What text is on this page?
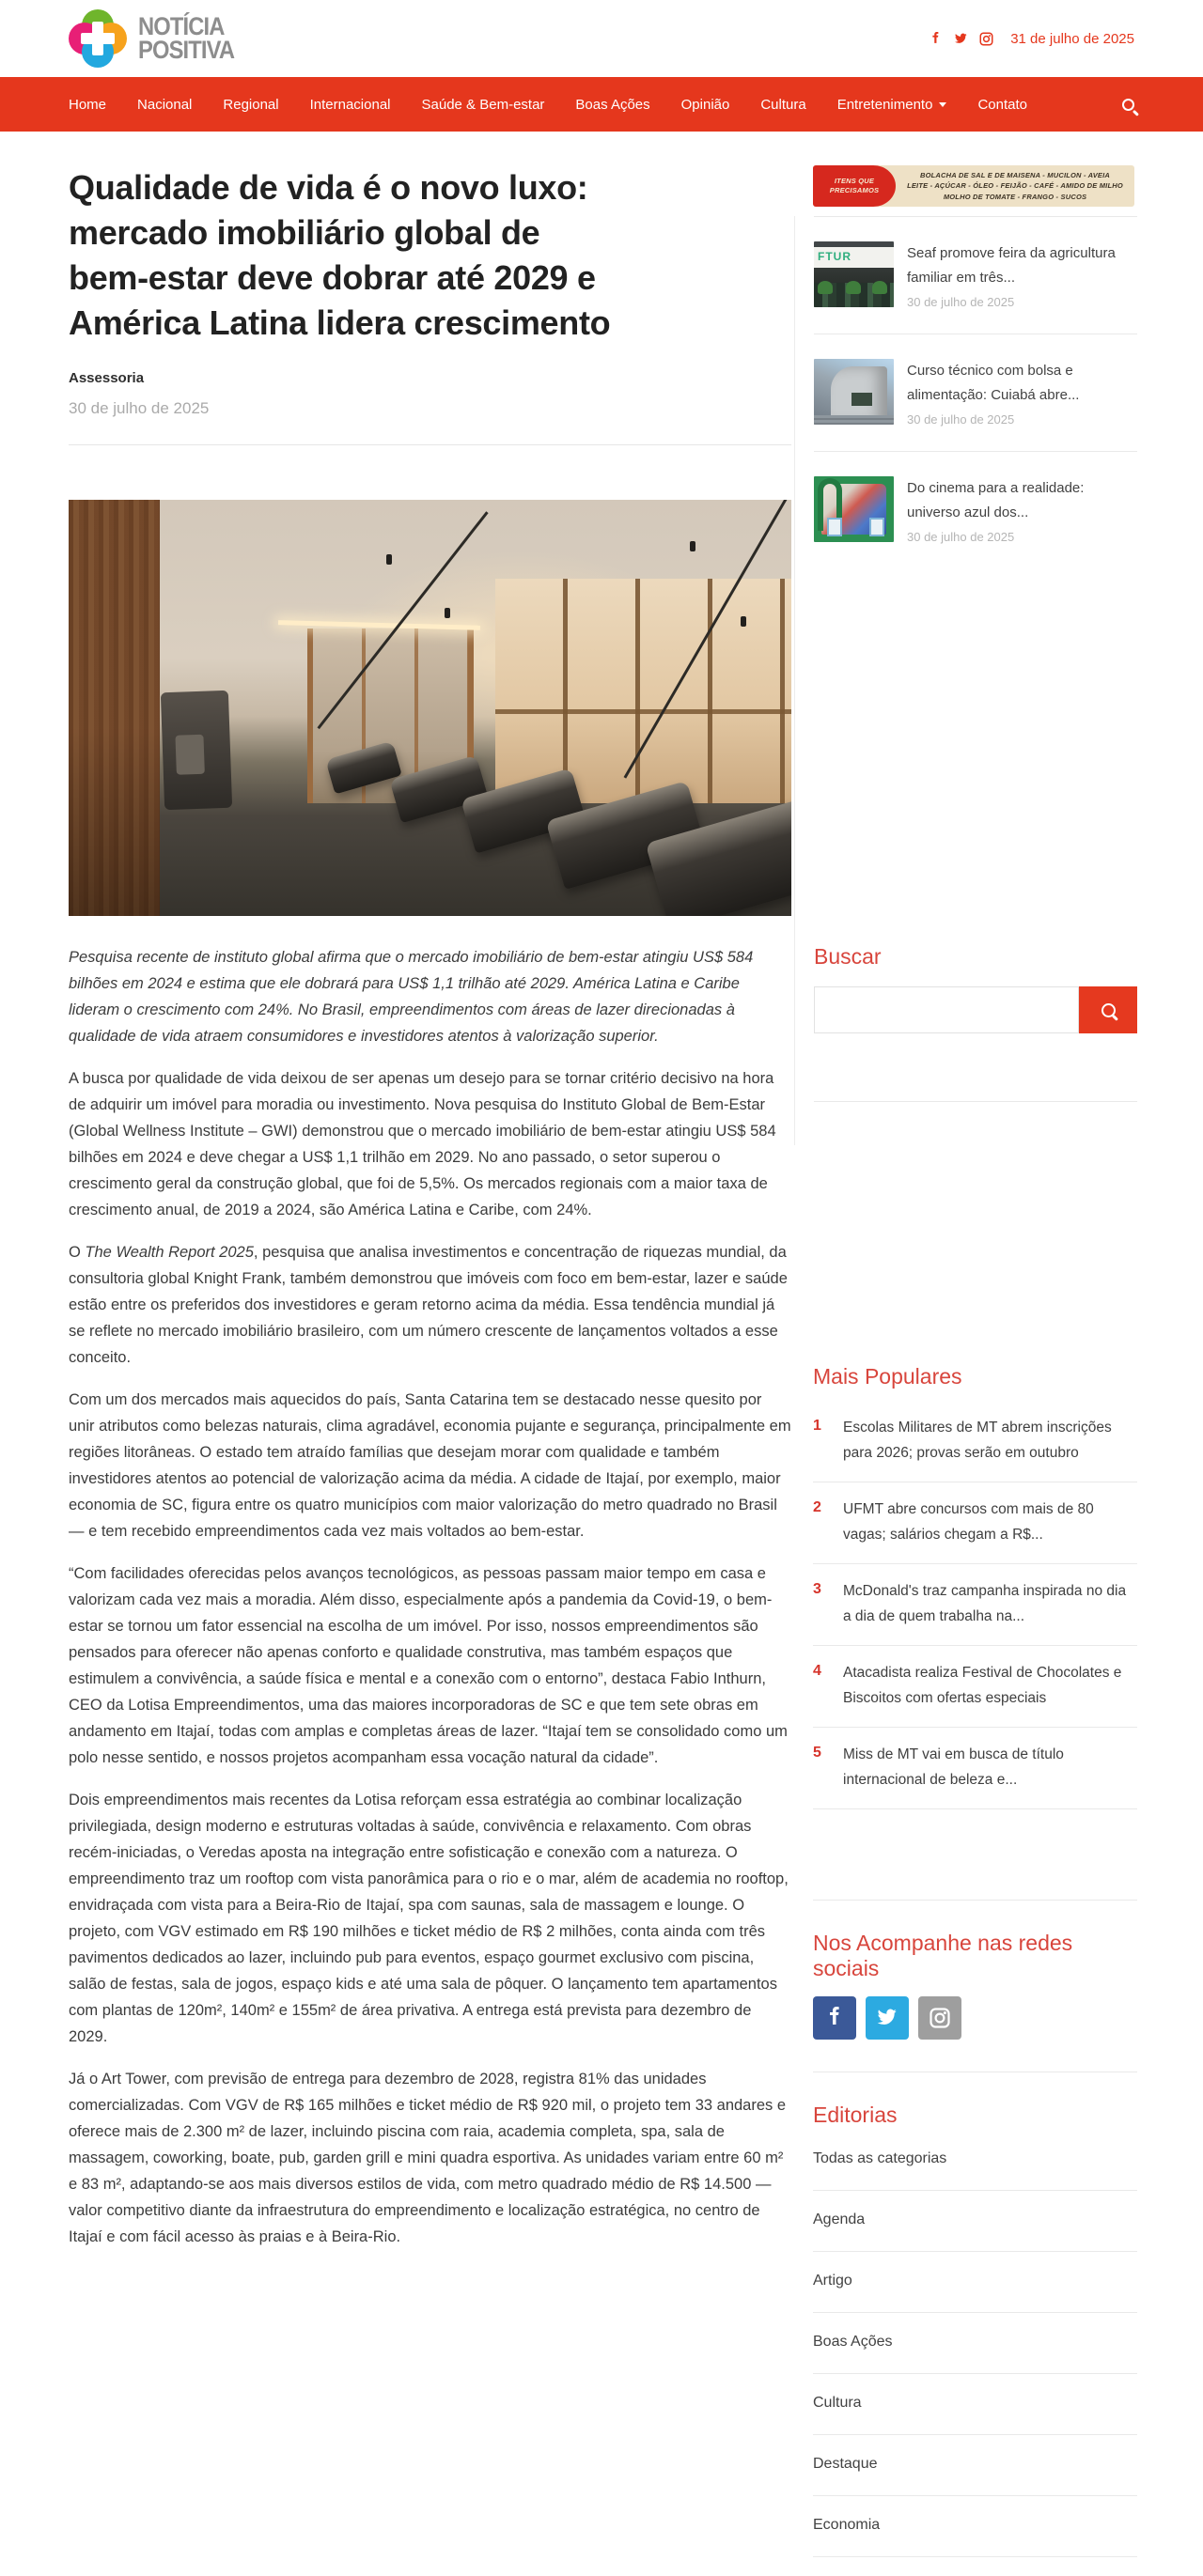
NOTÍCIA
POSITIVA	31 de julho de 2025
Home Nacional Regional Internacional Saúde & Bem-estar Boas Ações Opinião Cultura Entretenimento	Contato
Qualidade de vida é o novo luxo:
mercado imobiliário global de
bem-estar deve dobrar até 2029 e
América Latina lidera crescimento
Assessoria
30 de julho de 2025

Pesquisa recente de instituto global afirma que o mercado imobiliário de bem-estar atingiu US$ 584 bilhões em 2024 e estima que ele dobrará para US$ 1,1 trilhão até 2029. América Latina e Caribe lideram o crescimento com 24%. No Brasil, empreendimentos com áreas de lazer direcionadas à qualidade de vida atraem consumidores e investidores atentos à valorização superior.

A busca por qualidade de vida deixou de ser apenas um desejo para se tornar critério decisivo na hora de adquirir um imóvel para moradia ou investimento. Nova pesquisa do Instituto Global de Bem-Estar (Global Wellness Institute – GWI) demonstrou que o mercado imobiliário de bem-estar atingiu US$ 584 bilhões em 2024 e deve chegar a US$ 1,1 trilhão em 2029. No ano passado, o setor superou o crescimento geral da construção global, que foi de 5,5%. Os mercados regionais com a maior taxa de crescimento anual, de 2019 a 2024, são América Latina e Caribe, com 24%.

O The Wealth Report 2025, pesquisa que analisa investimentos e concentração de riquezas mundial, da consultoria global Knight Frank, também demonstrou que imóveis com foco em bem-estar, lazer e saúde estão entre os preferidos dos investidores e geram retorno acima da média. Essa tendência mundial já se reflete no mercado imobiliário brasileiro, com um número crescente de lançamentos voltados a esse conceito.

Com um dos mercados mais aquecidos do país, Santa Catarina tem se destacado nesse quesito por unir atributos como belezas naturais, clima agradável, economia pujante e segurança, principalmente em regiões litorâneas. O estado tem atraído famílias que desejam morar com qualidade e também investidores atentos ao potencial de valorização acima da média. A cidade de Itajaí, por exemplo, maior economia de SC, figura entre os quatro municípios com maior valorização do metro quadrado no Brasil — e tem recebido empreendimentos cada vez mais voltados ao bem-estar.

“Com facilidades oferecidas pelos avanços tecnológicos, as pessoas passam maior tempo em casa e valorizam cada vez mais a moradia. Além disso, especialmente após a pandemia da Covid-19, o bem-estar se tornou um fator essencial na escolha de um imóvel. Por isso, nossos empreendimentos são pensados para oferecer não apenas conforto e qualidade construtiva, mas também espaços que estimulem a convivência, a saúde física e mental e a conexão com o entorno”, destaca Fabio Inthurn, CEO da Lotisa Empreendimentos, uma das maiores incorporadoras de SC e que tem sete obras em andamento em Itajaí, todas com amplas e completas áreas de lazer. “Itajaí tem se consolidado como um polo nesse sentido, e nossos projetos acompanham essa vocação natural da cidade”.

Dois empreendimentos mais recentes da Lotisa reforçam essa estratégia ao combinar localização privilegiada, design moderno e estruturas voltadas à saúde, convivência e relaxamento. Com obras recém-iniciadas, o Veredas aposta na integração entre sofisticação e conexão com a natureza. O empreendimento traz um rooftop com vista panorâmica para o rio e o mar, além de academia no rooftop, envidraçada com vista para a Beira-Rio de Itajaí, spa com saunas, sala de massagem e lounge. O projeto, com VGV estimado em R$ 190 milhões e ticket médio de R$ 2 milhões, conta ainda com três pavimentos dedicados ao lazer, incluindo pub para eventos, espaço gourmet exclusivo com piscina, salão de festas, sala de jogos, espaço kids e até uma sala de pôquer. O lançamento tem apartamentos com plantas de 120m², 140m² e 155m² de área privativa. A entrega está prevista para dezembro de 2029.

Já o Art Tower, com previsão de entrega para dezembro de 2028, registra 81% das unidades comercializadas. Com VGV de R$ 165 milhões e ticket médio de R$ 920 mil, o projeto tem 33 andares e oferece mais de 2.300 m² de lazer, incluindo piscina com raia, academia completa, spa, sala de massagem, coworking, boate, pub, garden grill e mini quadra esportiva. As unidades variam entre 60 m² e 83 m², adaptando-se aos mais diversos estilos de vida, com metro quadrado médio de R$ 14.500 — valor competitivo diante da infraestrutura do empreendimento e localização estratégica, no centro de Itajaí e com fácil acesso às praias e à Beira-Rio.

ITENS QUE
PRECISAMOS
BOLACHA DE SAL E DE MAISENA - MUCILON - AVEIA
LEITE - AÇÚCAR - ÓLEO - FEIJÃO - CAFÉ - AMIDO DE MILHO
MOLHO DE TOMATE - FRANGO - SUCOS
FTUR	Seaf promove feira da agricultura familiar em três...
30 de julho de 2025
Curso técnico com bolsa e alimentação: Cuiabá abre...
30 de julho de 2025
Do cinema para a realidade: universo azul dos...
30 de julho de 2025
Buscar
Mais Populares
1	Escolas Militares de MT abrem inscrições para 2026; provas serão em outubro
2	UFMT abre concursos com mais de 80 vagas; salários chegam a R$...
3	McDonald's traz campanha inspirada no dia a dia de quem trabalha na...
4	Atacadista realiza Festival de Chocolates e Biscoitos com ofertas especiais
5	Miss de MT vai em busca de título internacional de beleza e...
Nos Acompanhe nas redes sociais
Editorias
Todas as categorias
Agenda
Artigo
Boas Ações
Cultura
Destaque
Economia
